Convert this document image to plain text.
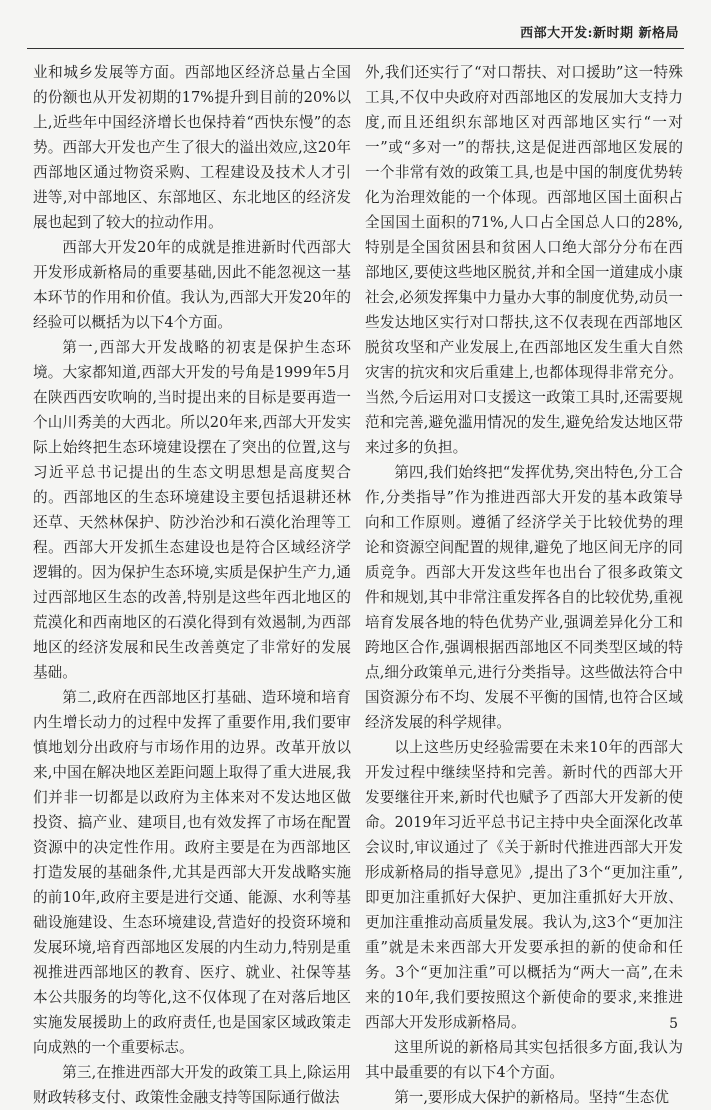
西部大开发:新时期 新格局

业和城乡发展等方面。西部地区经济总量占全国的份额也从开发初期的17%提升到目前的20%以上,近些年中国经济增长也保持着“西快东慢”的态势。西部大开发也产生了很大的溢出效应,这20年西部地区通过物资采购、工程建设及技术人才引进等,对中部地区、东部地区、东北地区的经济发展也起到了较大的拉动作用。

西部大开发20年的成就是推进新时代西部大开发形成新格局的重要基础,因此不能忽视这一基本环节的作用和价值。我认为,西部大开发20年的经验可以概括为以下4个方面。

第一,西部大开发战略的初衷是保护生态环境。大家都知道,西部大开发的号角是1999年5月在陕西西安吹响的,当时提出来的目标是要再造一个山川秀美的大西北。所以20年来,西部大开发实际上始终把生态环境建设摆在了突出的位置,这与习近平总书记提出的生态文明思想是高度契合的。西部地区的生态环境建设主要包括退耕还林还草、天然林保护、防沙治沙和石漠化治理等工程。西部大开发抓生态建设也是符合区域经济学逻辑的。因为保护生态环境,实质是保护生产力,通过西部地区生态的改善,特别是这些年西北地区的荒漠化和西南地区的石漠化得到有效遏制,为西部地区的经济发展和民生改善奠定了非常好的发展基础。

第二,政府在西部地区打基础、造环境和培育内生增长动力的过程中发挥了重要作用,我们要审慎地划分出政府与市场作用的边界。改革开放以来,中国在解决地区差距问题上取得了重大进展,我们并非一切都是以政府为主体来对不发达地区做投资、搞产业、建项目,也有效发挥了市场在配置资源中的决定性作用。政府主要是在为西部地区打造发展的基础条件,尤其是西部大开发战略实施的前10年,政府主要是进行交通、能源、水利等基础设施建设、生态环境建设,营造好的投资环境和发展环境,培育西部地区发展的内生动力,特别是重视推进西部地区的教育、医疗、就业、社保等基本公共服务的均等化,这不仅体现了在对落后地区实施发展援助上的政府责任,也是国家区域政策走向成熟的一个重要标志。

第三,在推进西部大开发的政策工具上,除运用财政转移支付、政策性金融支持等国际通行做法

外,我们还实行了“对口帮扶、对口援助”这一特殊工具,不仅中央政府对西部地区的发展加大支持力度,而且还组织东部地区对西部地区实行“一对一”或“多对一”的帮扶,这是促进西部地区发展的一个非常有效的政策工具,也是中国的制度优势转化为治理效能的一个体现。西部地区国土面积占全国国土面积的71%,人口占全国总人口的28%,特别是全国贫困县和贫困人口绝大部分分布在西部地区,要使这些地区脱贫,并和全国一道建成小康社会,必须发挥集中力量办大事的制度优势,动员一些发达地区实行对口帮扶,这不仅表现在西部地区脱贫攻坚和产业发展上,在西部地区发生重大自然灾害的抗灾和灾后重建上,也都体现得非常充分。当然,今后运用对口支援这一政策工具时,还需要规范和完善,避免滥用情况的发生,避免给发达地区带来过多的负担。

第四,我们始终把“发挥优势,突出特色,分工合作,分类指导”作为推进西部大开发的基本政策导向和工作原则。遵循了经济学关于比较优势的理论和资源空间配置的规律,避免了地区间无序的同质竞争。西部大开发这些年也出台了很多政策文件和规划,其中非常注重发挥各自的比较优势,重视培育发展各地的特色优势产业,强调差异化分工和跨地区合作,强调根据西部地区不同类型区域的特点,细分政策单元,进行分类指导。这些做法符合中国资源分布不均、发展不平衡的国情,也符合区域经济发展的科学规律。

以上这些历史经验需要在未来10年的西部大开发过程中继续坚持和完善。新时代的西部大开发要继往开来,新时代也赋予了西部大开发新的使命。2019年习近平总书记主持中央全面深化改革会议时,审议通过了《关于新时代推进西部大开发形成新格局的指导意见》,提出了3个“更加注重”,即更加注重抓好大保护、更加注重抓好大开放、更加注重推动高质量发展。我认为,这3个“更加注重”就是未来西部大开发要承担的新的使命和任务。3个“更加注重”可以概括为“两大一高”,在未来的10年,我们要按照这个新使命的要求,来推进西部大开发形成新格局。

这里所说的新格局其实包括很多方面,我认为其中最重要的有以下4个方面。

第一,要形成大保护的新格局。坚持“生态优

5
